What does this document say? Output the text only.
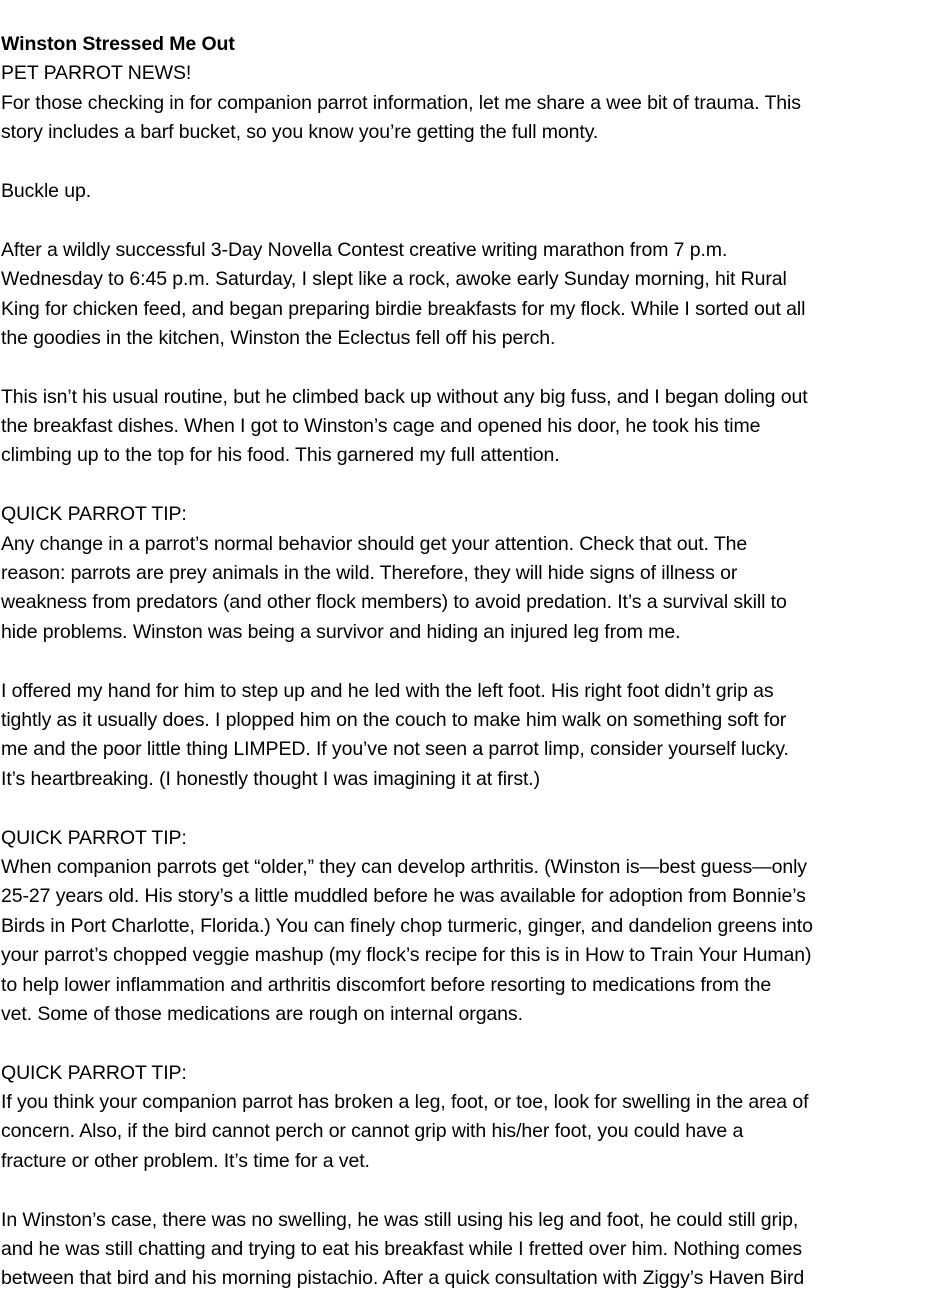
Winston Stressed Me Out
PET PARROT NEWS!
For those checking in for companion parrot information, let me share a wee bit of trauma. This
story includes a barf bucket, so you know you’re getting the full monty.
Buckle up.
After a wildly successful 3-Day Novella Contest creative writing marathon from 7 p.m.
Wednesday to 6:45 p.m. Saturday, I slept like a rock, awoke early Sunday morning, hit Rural
King for chicken feed, and began preparing birdie breakfasts for my flock. While I sorted out all
the goodies in the kitchen, Winston the Eclectus fell off his perch.
This isn’t his usual routine, but he climbed back up without any big fuss, and I began doling out
the breakfast dishes. When I got to Winston’s cage and opened his door, he took his time
climbing up to the top for his food. This garnered my full attention.
QUICK PARROT TIP:
Any change in a parrot’s normal behavior should get your attention. Check that out. The
reason: parrots are prey animals in the wild. Therefore, they will hide signs of illness or
weakness from predators (and other flock members) to avoid predation. It’s a survival skill to
hide problems. Winston was being a survivor and hiding an injured leg from me.
I offered my hand for him to step up and he led with the left foot. His right foot didn’t grip as
tightly as it usually does. I plopped him on the couch to make him walk on something soft for
me and the poor little thing LIMPED. If you’ve not seen a parrot limp, consider yourself lucky.
It’s heartbreaking. (I honestly thought I was imagining it at first.)
QUICK PARROT TIP:
When companion parrots get “older,” they can develop arthritis. (Winston is—best guess—only
25-27 years old. His story’s a little muddled before he was available for adoption from Bonnie’s
Birds in Port Charlotte, Florida.) You can finely chop turmeric, ginger, and dandelion greens into
your parrot’s chopped veggie mashup (my flock’s recipe for this is in How to Train Your Human)
to help lower inflammation and arthritis discomfort before resorting to medications from the
vet. Some of those medications are rough on internal organs.
QUICK PARROT TIP:
If you think your companion parrot has broken a leg, foot, or toe, look for swelling in the area of
concern. Also, if the bird cannot perch or cannot grip with his/her foot, you could have a
fracture or other problem. It’s time for a vet.
In Winston’s case, there was no swelling, he was still using his leg and foot, he could still grip,
and he was still chatting and trying to eat his breakfast while I fretted over him. Nothing comes
between that bird and his morning pistachio. After a quick consultation with Ziggy’s Haven Bird
